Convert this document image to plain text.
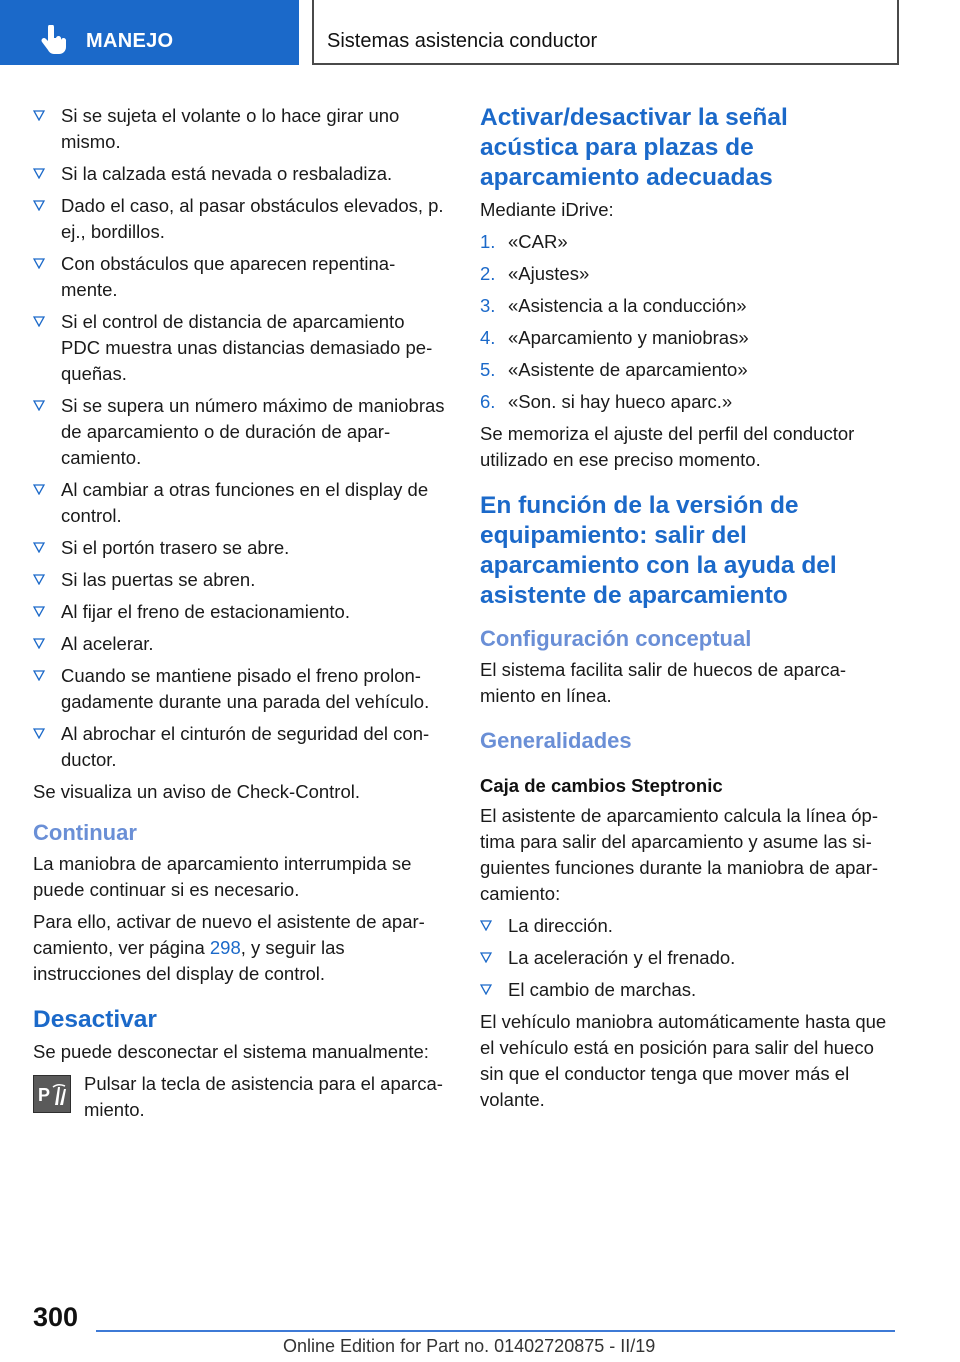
MANEJO	Sistemas asistencia conductor
Si se sujeta el volante o lo hace girar uno mismo.
Si la calzada está nevada o resbaladiza.
Dado el caso, al pasar obstáculos elevados, p. ej., bordillos.
Con obstáculos que aparecen repentinamente.
Si el control de distancia de aparcamiento PDC muestra unas distancias demasiado pequeñas.
Si se supera un número máximo de maniobras de aparcamiento o de duración de aparcamiento.
Al cambiar a otras funciones en el display de control.
Si el portón trasero se abre.
Si las puertas se abren.
Al fijar el freno de estacionamiento.
Al acelerar.
Cuando se mantiene pisado el freno prolongadamente durante una parada del vehículo.
Al abrochar el cinturón de seguridad del conductor.

Se visualiza un aviso de Check-Control.

Continuar

La maniobra de aparcamiento interrumpida se puede continuar si es necesario.

Para ello, activar de nuevo el asistente de aparcamiento, ver página 298, y seguir las instrucciones del display de control.

Desactivar

Se puede desconectar el sistema manualmente:

P

Pulsar la tecla de asistencia para el aparcamiento.

Activar/desactivar la señal acústica para plazas de aparcamiento adecuadas

Mediante iDrive:

1. «CAR»
2. «Ajustes»
3. «Asistencia a la conducción»
4. «Aparcamiento y maniobras»
5. «Asistente de aparcamiento»
6. «Son. si hay hueco aparc.»

Se memoriza el ajuste del perfil del conductor utilizado en ese preciso momento.

En función de la versión de equipamiento: salir del aparcamiento con la ayuda del asistente de aparcamiento
Configuración conceptual

El sistema facilita salir de huecos de aparcamiento en línea.

Generalidades
Caja de cambios Steptronic

El asistente de aparcamiento calcula la línea óptima para salir del aparcamiento y asume las siguientes funciones durante la maniobra de aparcamiento:

La dirección.
La aceleración y el frenado.
El cambio de marchas.

El vehículo maniobra automáticamente hasta que el vehículo está en posición para salir del hueco sin que el conductor tenga que mover más el volante.

300
Online Edition for Part no. 01402720875 - II/19
